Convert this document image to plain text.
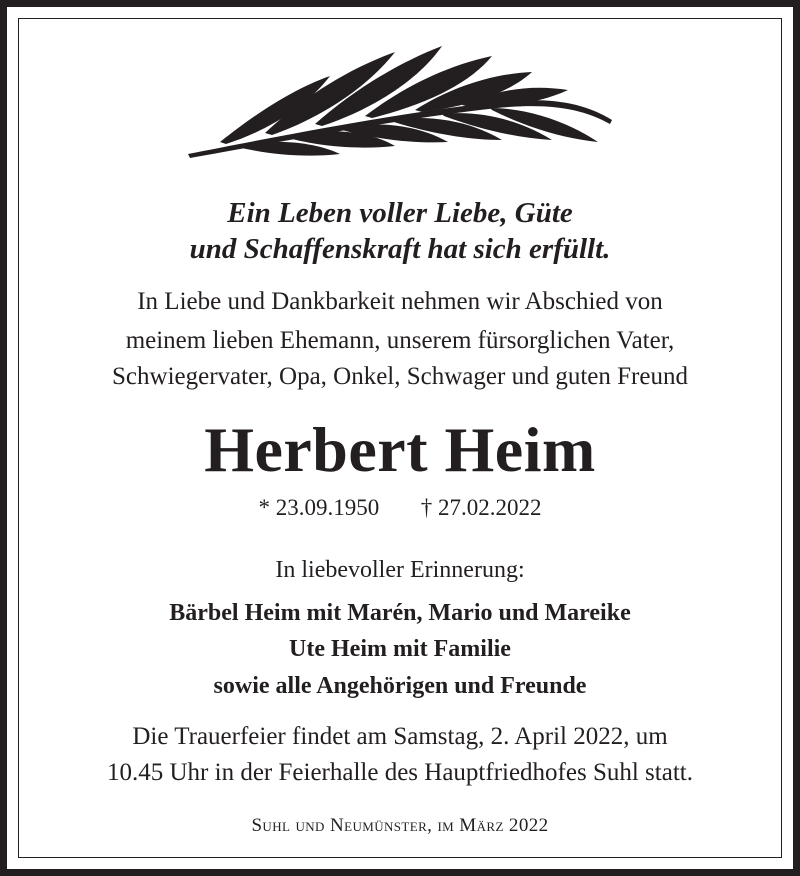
Ein Leben voller Liebe, Güte
und Schaffenskraft hat sich erfüllt.
In Liebe und Dankbarkeit nehmen wir Abschied von
meinem lieben Ehemann, unserem fürsorglichen Vater,
Schwiegervater, Opa, Onkel, Schwager und guten Freund
Herbert Heim
* 23.09.1950 † 27.02.2022
In liebevoller Erinnerung:
Bärbel Heim mit Marén, Mario und Mareike
Ute Heim mit Familie
sowie alle Angehörigen und Freunde
Die Trauerfeier findet am Samstag, 2. April 2022, um
10.45 Uhr in der Feierhalle des Hauptfriedhofes Suhl statt.
Suhl und Neumünster, im März 2022
